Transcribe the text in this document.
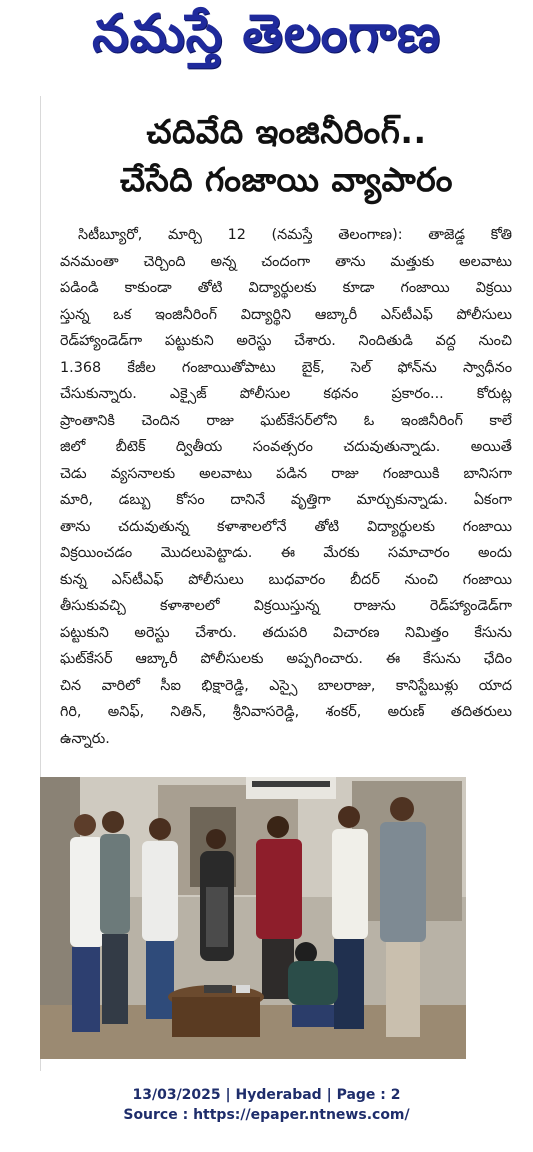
నమస్తే తెలంగాణ
చదివేది ఇంజినీరింగ్..
చేసేది గంజాయి వ్యాపారం
సిటీబ్యూరో, మార్చి 12 (నమస్తే తెలంగాణ): తాజెడ్డ కోతి
వనమంతా చెర్చింది అన్న చందంగా తాను మత్తుకు అలవాటు
పడిండి కాకుండా తోటి విద్యార్థులకు కూడా గంజాయి విక్రయి
స్తున్న ఒక ఇంజినీరింగ్ విద్యార్థిని ఆబ్కారీ ఎస్‌టీఎఫ్ పోలీసులు
రెడ్‌హ్యాండెడ్‌గా పట్టుకుని అరెస్టు చేశారు. నిందితుడి వద్ద నుంచి
1.368 కేజీల గంజాయితోపాటు బైక్, సెల్ ఫోన్‌ను స్వాధీనం
చేసుకున్నారు. ఎక్సైజ్ పోలీసుల కథనం ప్రకారం... కోరుట్ల
ప్రాంతానికి చెందిన రాజు ఘట్‌కేసర్‌లోని ఓ ఇంజినీరింగ్ కాలే
జిలో బీటెక్ ద్వితీయ సంవత్సరం చదువుతున్నాడు. అయితే
చెడు వ్యసనాలకు అలవాటు పడిన రాజు గంజాయికి బానిసగా
మారి, డబ్బు కోసం దానినే వృత్తిగా మార్చుకున్నాడు. ఏకంగా
తాను చదువుతున్న కళాశాలలోనే తోటి విద్యార్థులకు గంజాయి
విక్రయించడం మొదలుపెట్టాడు. ఈ మేరకు సమాచారం అందు
కున్న ఎస్‌టీఎఫ్ పోలీసులు బుధవారం బీదర్ నుంచి గంజాయి
తీసుకువచ్చి కళాశాలలో విక్రయిస్తున్న రాజును రెడ్‌హ్యాండెడ్‌గా
పట్టుకుని అరెస్టు చేశారు. తదుపరి విచారణ నిమిత్తం కేసును
ఘట్‌కేసర్ ఆబ్కారీ పోలీసులకు అప్పగించారు. ఈ కేసును ఛేదిం
చిన వారిలో సీఐ భిక్షారెడ్డి, ఎస్సై బాలరాజు, కానిస్టేబుళ్లు యాద
గిరి, అనిఫ్, నితిన్, శ్రీనివాసరెడ్డి, శంకర్, అరుణ్ తదితరులు
ఉన్నారు.
13/03/2025 | Hyderabad | Page : 2
Source : https://epaper.ntnews.com/
